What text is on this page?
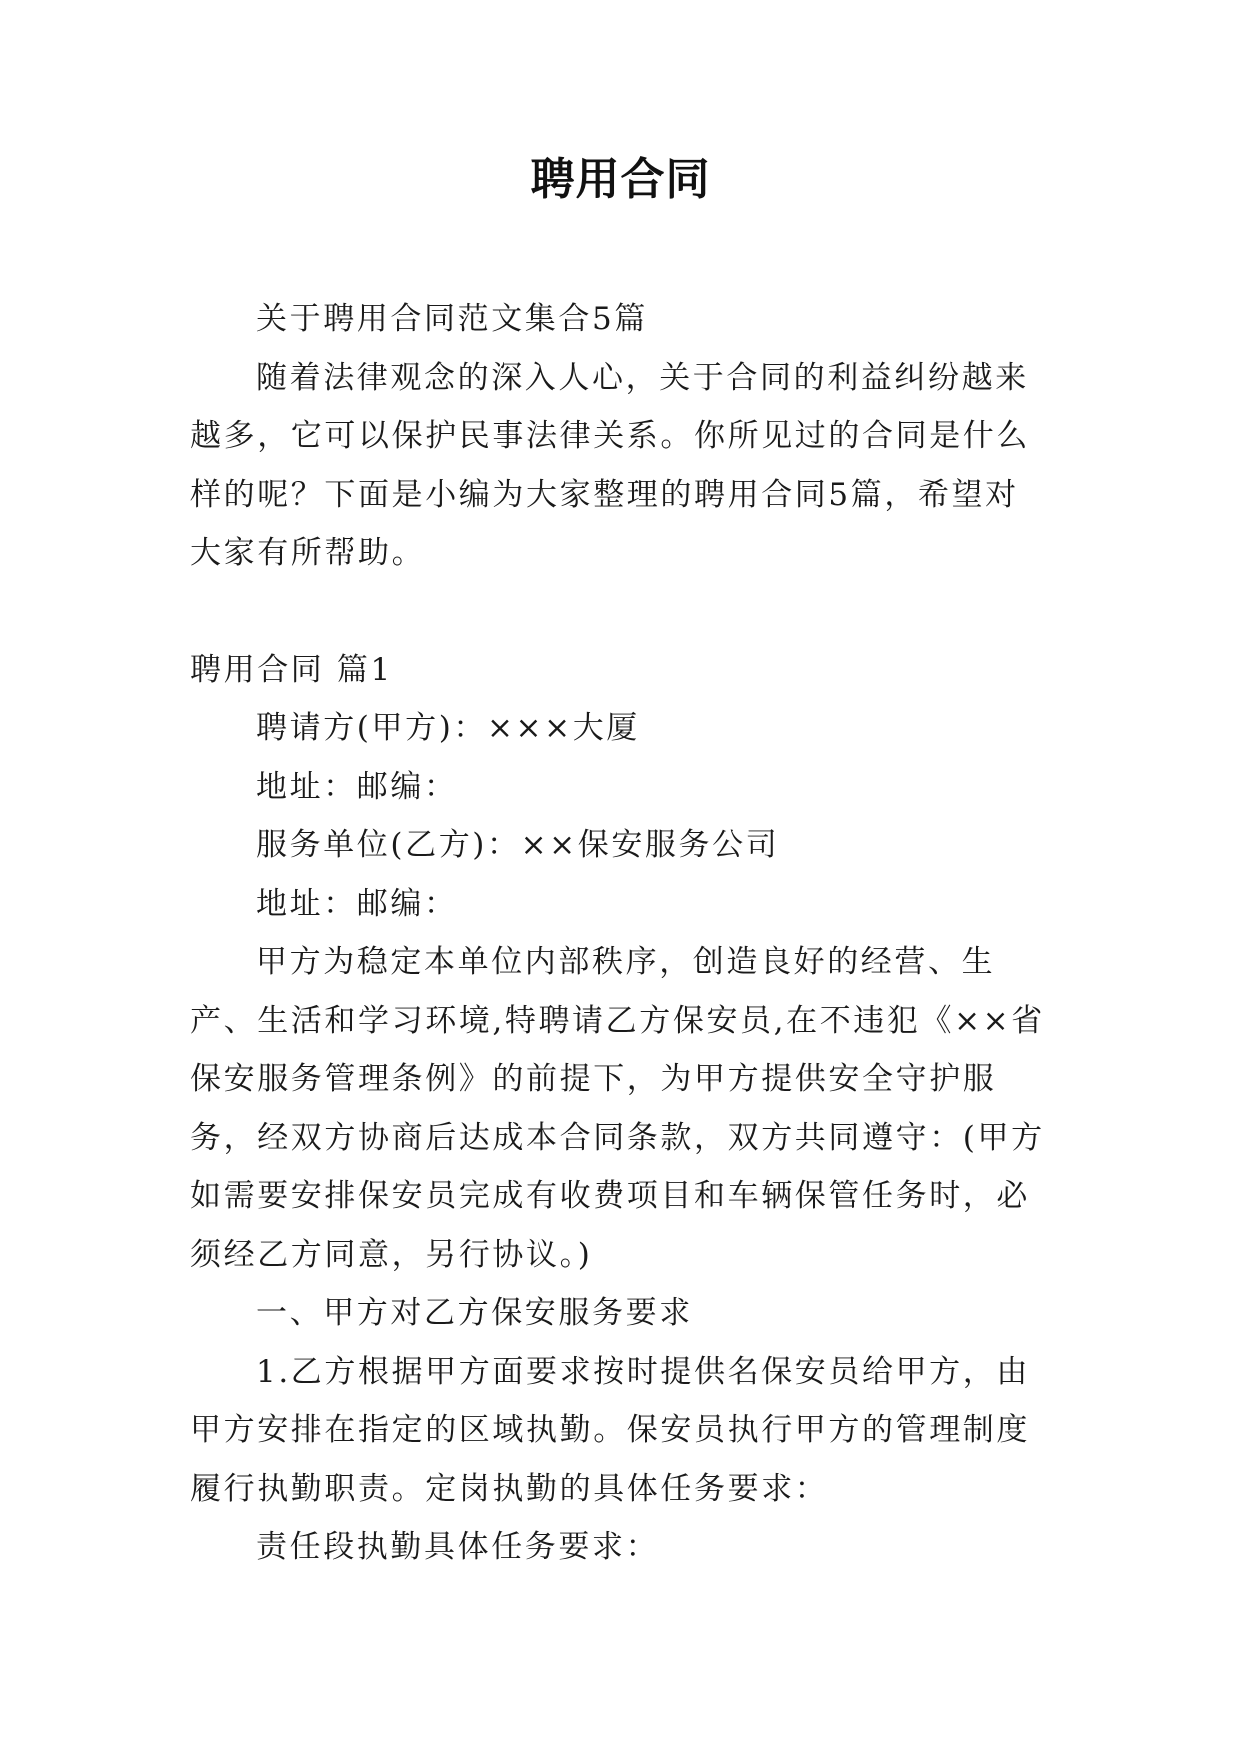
聘用合同

关于聘用合同范文集合5篇

随着法律观念的深入人心，关于合同的利益纠纷越来越多，它可以保护民事法律关系。你所见过的合同是什么样的呢？下面是小编为大家整理的聘用合同5篇，希望对大家有所帮助。

聘用合同 篇1

聘请方(甲方)：×××大厦

地址：邮编：

服务单位(乙方)：××保安服务公司

地址：邮编：

甲方为稳定本单位内部秩序，创造良好的经营、生产、生活和学习环境,特聘请乙方保安员,在不违犯《××省保安服务管理条例》的前提下，为甲方提供安全守护服务，经双方协商后达成本合同条款，双方共同遵守：(甲方如需要安排保安员完成有收费项目和车辆保管任务时，必须经乙方同意，另行协议。)

一、甲方对乙方保安服务要求

1.乙方根据甲方面要求按时提供名保安员给甲方，由甲方安排在指定的区域执勤。保安员执行甲方的管理制度履行执勤职责。定岗执勤的具体任务要求：

责任段执勤具体任务要求：
